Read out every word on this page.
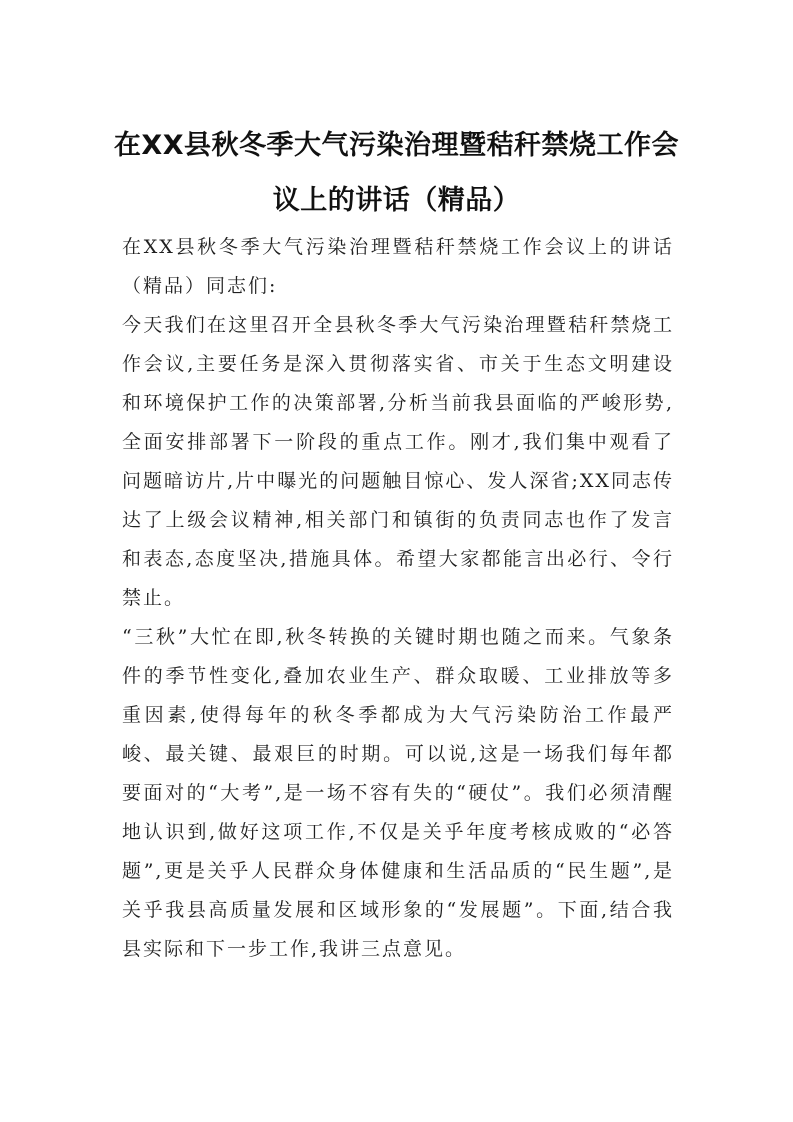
在XX县秋冬季大气污染治理暨秸秆禁烧工作会议上的讲话（精品）

在XX县秋冬季大气污染治理暨秸秆禁烧工作会议上的讲话（精品）同志们:

今天我们在这里召开全县秋冬季大气污染治理暨秸秆禁烧工作会议,主要任务是深入贯彻落实省、市关于生态文明建设和环境保护工作的决策部署,分析当前我县面临的严峻形势,全面安排部署下一阶段的重点工作。刚才,我们集中观看了问题暗访片,片中曝光的问题触目惊心、发人深省;XX同志传达了上级会议精神,相关部门和镇街的负责同志也作了发言和表态,态度坚决,措施具体。希望大家都能言出必行、令行禁止。

“三秋”大忙在即,秋冬转换的关键时期也随之而来。气象条件的季节性变化,叠加农业生产、群众取暖、工业排放等多重因素,使得每年的秋冬季都成为大气污染防治工作最严峻、最关键、最艰巨的时期。可以说,这是一场我们每年都要面对的“大考”,是一场不容有失的“硬仗”。我们必须清醒地认识到,做好这项工作,不仅是关乎年度考核成败的“必答题”,更是关乎人民群众身体健康和生活品质的“民生题”,是关乎我县高质量发展和区域形象的“发展题”。下面,结合我县实际和下一步工作,我讲三点意见。
